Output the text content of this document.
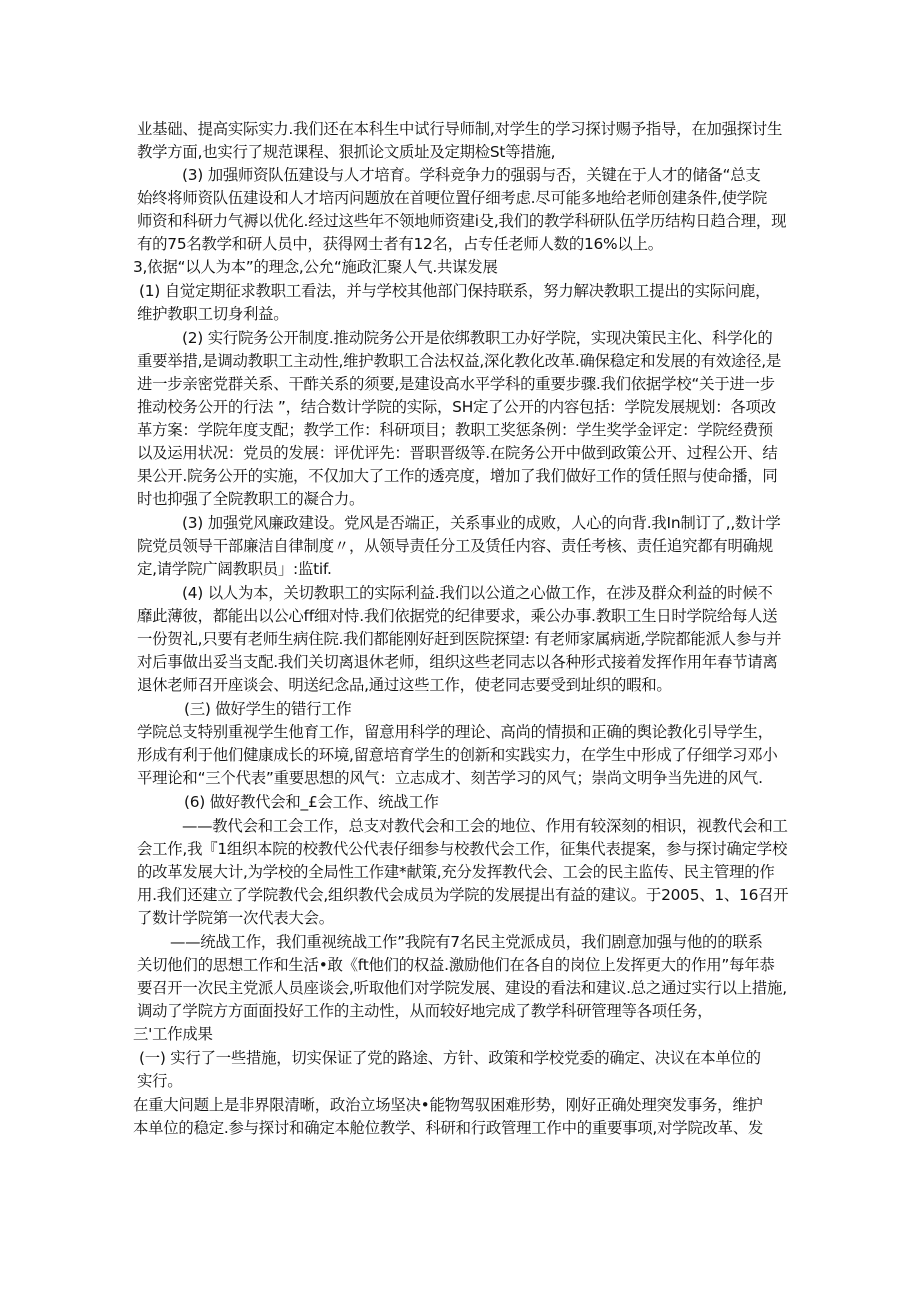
业基础、提高实际实力.我们还在本科生中试行导师制,对学生的学习探讨赐予指导，在加强探讨生
教学方面,也实行了规范课程、狠抓论文质址及定期检St等措施,
(3) 加强师资队伍建设与人才培育。学科竞争力的强弱与否，关键在于人才的储备“总支
始终将师资队伍建设和人才培丙问题放在首哽位置仔细考虑.尽可能多地给老师创建条件,使学院
师资和科研力气褥以优化.经过这些年不领地师资建i殳,我们的教学科研队伍学历结构日趋合理，现
有的75名教学和研人员中，获得网士者有12名，占专任老师人数的16%以上。
3,依据“以人为本”的理念,公允“施政汇聚人气.共谋发展
(1) 自觉定期征求教职工看法，并与学校其他部门保持联系，努力解决教职工提出的实际问鹿，
维护教职工切身利益。
(2) 实行院务公开制度.推动院务公开是依绑教职工办好学院，实现决策民主化、科学化的
重要举措,是调动教职工主动性,维护教职工合法权益,深化教化改革.确保稳定和发展的有效途径,是
进一步亲密党群关系、干酢关系的须要,是建设高水平学科的重要步骤.我们依据学校“关于进一步
推动校务公开的行法 ”，结合数计学院的实际，SH定了公开的内容包括：学院发展规划：各项改
革方案：学院年度支配；教学工作：科研项目；教职工奖惩条例：学生奖学金评定：学院经费预
以及运用状况：党员的发展：评优评先：晋职晋级等.在院务公开中做到政策公开、过程公开、结
果公开.院务公开的实施，不仅加大了工作的透亮度，增加了我们做好工作的赁任照与使命播，同
时也抑强了全院教职工的凝合力。
(3) 加强党风廉政建设。党风是否端正，关系事业的成败，人心的向背.我In制订了,,数计学
院党员领导干部廉洁自律制度〃，从领导责任分工及赁任内容、责任考核、责任追究都有明确规
定,请学院广阔教职员」:监tif.
(4) 以人为本，关切教职工的实际利益.我们以公道之心做工作，在涉及群众利益的时候不
靡此薄彼，都能出以公心ff细对恃.我们依据党的纪律要求，乘公办事.教职工生日时学院给每人送
一份贺礼,只要有老师生病住院.我们都能刚好赶到医院探望: 有老师家属病逝,学院都能派人参与并
对后事做出妥当支配.我们关切离退休老师，组织这些老同志以各种形式接着发挥作用年春节请离
退休老师召开座谈会、明送纪念品,通过这些工作，使老同志要受到址织的暇和。
(三) 做好学生的错行工作
学院总支特别重视学生他育工作，留意用科学的理论、高尚的情损和正确的舆论教化引导学生，
形成有利于他们健康成长的环境,留意培育学生的创新和实践实力，在学生中形成了仔细学习邓小
平理论和“三个代表”重要思想的风气：立志成才、刻苦学习的风气；崇尚文明争当先进的风气.
(6) 做好教代会和_£会工作、统战工作
——教代会和工会工作，总支对教代会和工会的地位、作用有较深刻的相识，视教代会和工
会工作,我『1组织本院的校教代公代表仔细参与校教代会工作，征集代表提案，参与探讨确定学校
的改革发展大计,为学校的全局性工作建*献策,充分发挥教代会、工会的民主监传、民主管理的作
用.我们还建立了学院教代会,组织教代会成员为学院的发展提出有益的建议。于2005、1、16召开
了数计学院第一次代表大会。
——统战工作，我们重视统战工作”我院有7名民主党派成员，我们剧意加强与他的的联系
关切他们的思想工作和生活•敢《ft他们的权益.激励他们在各自的岗位上发挥更大的作用”每年恭
要召开一次民主党派人员座谈会,听取他们对学院发展、建设的看法和建议.总之通过实行以上措施,
调动了学院方方面面投好工作的主动性，从而较好地完成了教学科研管理等各项任务，
三'工作成果
(一) 实行了一些措施，切实保证了党的路途、方针、政策和学校党委的确定、决议在本单位的
实行。
在重大问题上是非界限清晰，政治立场坚决•能物驾驭困难形势，刚好正确处理突发事务，维护
本单位的稳定.参与探讨和确定本舱位教学、科研和行政管理工作中的重要事项,对学院改革、发
